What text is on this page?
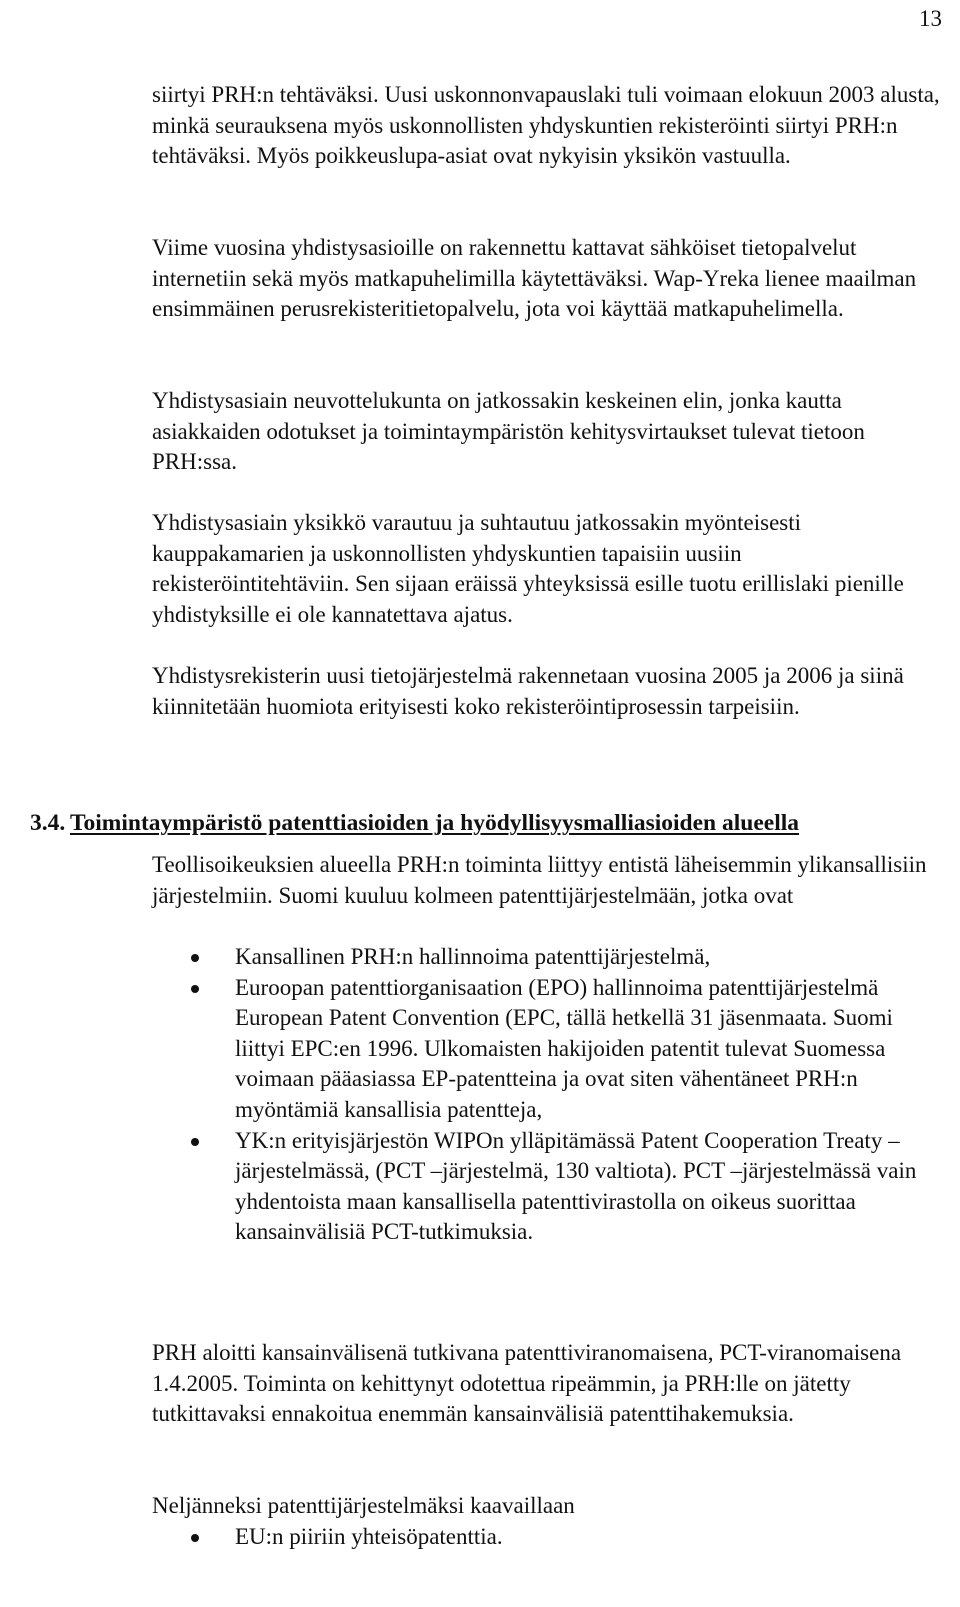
13

siirtyi PRH:n tehtäväksi. Uusi uskonnonvapauslaki tuli voimaan elokuun 2003 alusta, minkä seurauksena myös uskonnollisten yhdyskuntien rekisteröinti siirtyi PRH:n tehtäväksi. Myös poikkeuslupa-asiat ovat nykyisin yksikön vastuulla.

Viime vuosina yhdistysasioille on rakennettu kattavat sähköiset tietopalvelut internetiin sekä myös matkapuhelimilla käytettäväksi. Wap-Yreka lienee maailman ensimmäinen perusrekisteritietopalvelu, jota voi käyttää matkapuhelimella.

Yhdistysasiain neuvottelukunta on jatkossakin keskeinen elin, jonka kautta asiakkaiden odotukset ja toimintaympäristön kehitysvirtaukset tulevat tietoon PRH:ssa.

Yhdistysasiain yksikkö varautuu ja suhtautuu jatkossakin myönteisesti kauppakamarien ja uskonnollisten yhdyskuntien tapaisiin uusiin rekisteröintitehtäviin. Sen sijaan eräissä yhteyksissä esille tuotu erillislaki pienille yhdistyksille ei ole kannatettava ajatus.

Yhdistysrekisterin uusi tietojärjestelmä rakennetaan vuosina 2005 ja 2006 ja siinä kiinnitetään huomiota erityisesti koko rekisteröintiprosessin tarpeisiin.

3.4. Toimintaympäristö patenttiasioiden ja hyödyllisyysmalliasioiden alueella

Teollisoikeuksien alueella PRH:n toiminta liittyy entistä läheisemmin ylikansallisiin järjestelmiin. Suomi kuuluu kolmeen patenttijärjestelmään, jotka ovat

Kansallinen PRH:n hallinnoima patenttijärjestelmä,
Euroopan patenttiorganisaation (EPO) hallinnoima patenttijärjestelmä European Patent Convention (EPC, tällä hetkellä 31 jäsenmaata. Suomi liittyi EPC:en 1996. Ulkomaisten hakijoiden patentit tulevat Suomessa voimaan pääasiassa EP-patentteina ja ovat siten vähentäneet PRH:n myöntämiä kansallisia patentteja,
YK:n erityisjärjestön WIPOn ylläpitämässä Patent Cooperation Treaty –järjestelmässä, (PCT –järjestelmä, 130 valtiota). PCT –järjestelmässä vain yhdentoista maan kansallisella patenttivirastolla on oikeus suorittaa kansainvälisiä PCT-tutkimuksia.

PRH aloitti kansainvälisenä tutkivana patenttiviranomaisena, PCT-viranomaisena 1.4.2005. Toiminta on kehittynyt odotettua ripeämmin, ja PRH:lle on jätetty tutkittavaksi ennakoitua enemmän kansainvälisiä patenttihakemuksia.

Neljänneksi patenttijärjestelmäksi kaavaillaan

EU:n piiriin yhteisöpatenttia.
